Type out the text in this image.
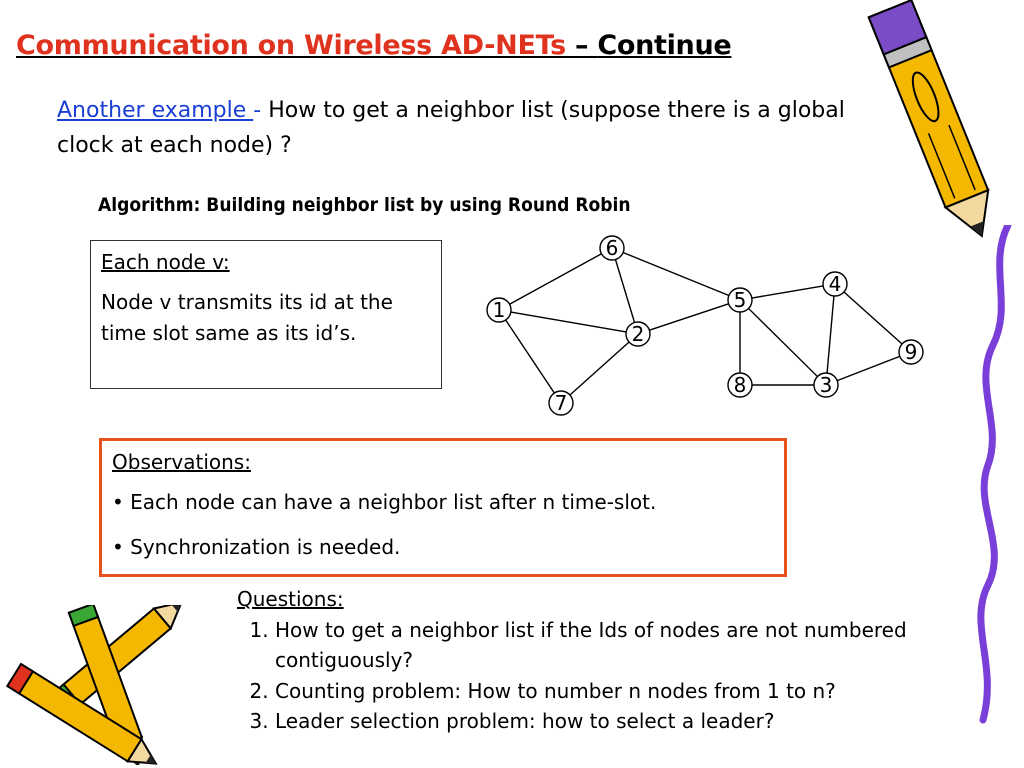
Communication on Wireless AD-NETs – Continue
Another example - How to get a neighbor list (suppose there is a global clock at each node) ?
Algorithm: Building neighbor list by using Round Robin
Each node v:
Node v transmits its id at the time slot same as its id’s.
6
4
5
1
2
9
8	3
7
Observations:
• Each node can have a neighbor list after n time-slot.
• Synchronization is needed.
Questions:
1. How to get a neighbor list if the Ids of nodes are not numbered contiguously?
2. Counting problem: How to number n nodes from 1 to n?
3. Leader selection problem: how to select a leader?
